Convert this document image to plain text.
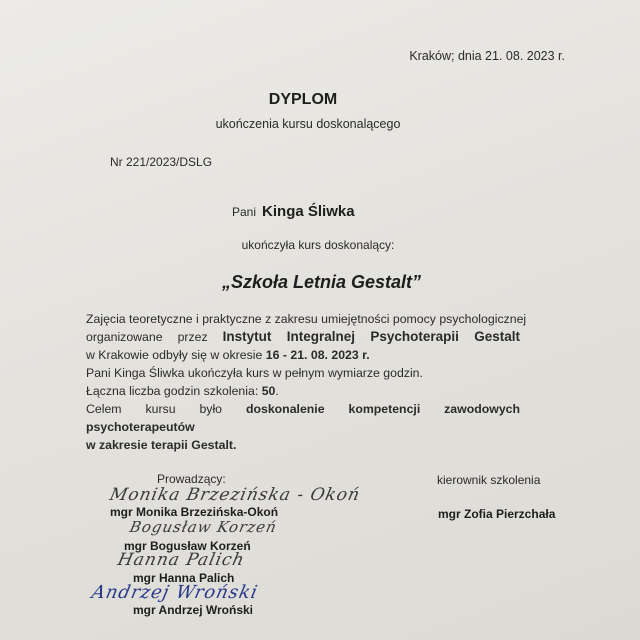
Kraków; dnia 21. 08. 2023 r.
DYPLOM
ukończenia kursu doskonalącego
Nr 221/2023/DSLG
Pani Kinga Śliwka
ukończyła kurs doskonalący:
„Szkoła Letnia Gestalt”
Zajęcia teoretyczne i praktyczne z zakresu umiejętności pomocy psychologicznej
organizowane przez Instytut Integralnej Psychoterapii Gestalt
w Krakowie odbyły się w okresie 16 - 21. 08. 2023 r.
Pani Kinga Śliwka ukończyła kurs w pełnym wymiarze godzin.
Łączna liczba godzin szkolenia: 50.
Celem kursu było doskonalenie kompetencji zawodowych psychoterapeutów
w zakresie terapii Gestalt.
Prowadzący:	kierownik szkolenia
mgr Zofia Pierzchała
Monika Brzezińska - Okoń
mgr Monika Brzezińska-Okoń
Bogusław Korzeń
mgr Bogusław Korzeń
Hanna Palich
mgr Hanna Palich
Andrzej Wroński
mgr Andrzej Wroński
